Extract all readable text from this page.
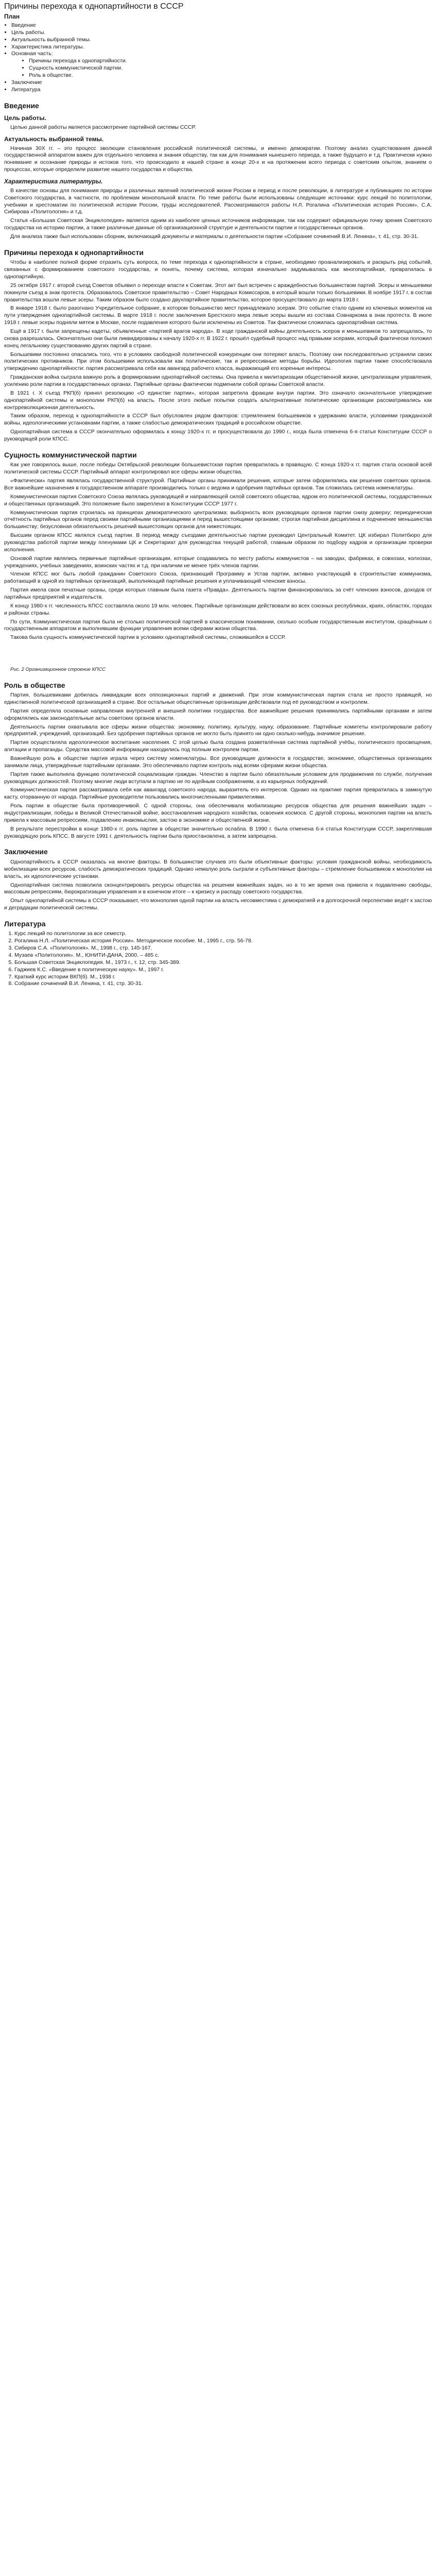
Причины перехода к однопартийности в СССР
План
• Введение
• Цель работы.
• Актуальность выбранной темы.
• Характеристика литературы.
• Основная часть:
• Причины перехода к однопартийности.
• Сущность коммунистической партии.
• Роль в обществе.
• Заключение
• Литература
Введение
Цель работы.

Целью данной работы является рассмотрение партийной системы СССР.

Актуальность выбранной темы.

Начиная 30Х гг. – это процесс эволюции становления российской политической системы, и именно демократии. Поэтому анализ существования данной государственной аппаратом важен для отдельного человека и знания обществу, так как для понимания нынешнего периода, а также будущего и т.д. Практически нужно понимание и осознание природы и истоков того, что происходило в нашей стране в конце 20-х и на протяжении всего периода с советским опытом, знанием о процессах, которые определили развитие нашего государства и общества.

Характеристика литературы.

В качестве основы для понимания природы и различных явлений политической жизни России в период и после революции, в литературе и публикациях по истории Советского государства, в частности, по проблемам монопольной власти. По теме работы были использованы следующие источники: курс лекций по политологии, учебники и хрестоматии по политической истории России, труды исследователей. Рассматриваются работы Н.Л. Рогалина «Политическая история России», С.А. Сибирова «Политология» и т.д.

Статья «Большая Советская Энциклопедия» является одним из наиболее ценных источников информации, так как содержит официальную точку зрения Советского государства на историю партии, а также различные данные об организационной структуре и деятельности партии и государственных органов.

Для анализа также был использован сборник, включающий документы и материалы о деятельности партии «Собрание сочинений В.И. Ленина», т. 41, стр. 30-31.

Причины перехода к однопартийности

Чтобы в наиболее полной форме отразить суть вопроса, по теме перехода к однопартийности в стране, необходимо проанализировать и раскрыть ряд событий, связанных с формированием советского государства, и понять, почему система, которая изначально задумывалась как многопартийная, превратилась в однопартийную.

25 октября 1917 г. второй съезд Советов объявил о переходе власти к Советам. Этот акт был встречен с враждебностью большинством партий. Эсеры и меньшевики покинули съезд в знак протеста. Образовалось Советское правительство – Совет Народных Комиссаров, в который вошли только большевики. В ноябре 1917 г. в состав правительства вошли левые эсеры. Таким образом было создано двухпартийное правительство, которое просуществовало до марта 1918 г.

В январе 1918 г. было разогнано Учредительное собрание, в котором большинство мест принадлежало эсерам. Это событие стало одним из ключевых моментов на пути утверждения однопартийной системы. В марте 1918 г. после заключения Брестского мира левые эсеры вышли из состава Совнаркома в знак протеста. В июле 1918 г. левые эсеры подняли мятеж в Москве, после подавления которого были исключены из Советов. Так фактически сложилась однопартийная система.

Ещё в 1917 г. были запрещены кадеты, объявленные «партией врагов народа». В ходе гражданской войны деятельность эсеров и меньшевиков то запрещалась, то снова разрешалась. Окончательно они были ликвидированы к началу 1920-х гг. В 1922 г. прошёл судебный процесс над правыми эсерами, который фактически положил конец легальному существованию других партий в стране.

Большевики постоянно опасались того, что в условиях свободной политической конкуренции они потеряют власть. Поэтому они последовательно устраняли своих политических противников. При этом большевики использовали как политические, так и репрессивные методы борьбы. Идеология партии также способствовала утверждению однопартийности: партия рассматривала себя как авангард рабочего класса, выражающий его коренные интересы.

Гражданская война сыграла важную роль в формировании однопартийной системы. Она привела к милитаризации общественной жизни, централизации управления, усилению роли партии в государственных органах. Партийные органы фактически подменили собой органы Советской власти.

В 1921 г. X съезд РКП(б) принял резолюцию «О единстве партии», которая запретила фракции внутри партии. Это означало окончательное утверждение однопартийной системы и монополии РКП(б) на власть. После этого любые попытки создать альтернативные политические организации рассматривались как контрреволюционная деятельность.

Таким образом, переход к однопартийности в СССР был обусловлен рядом факторов: стремлением большевиков к удержанию власти, условиями гражданской войны, идеологическими установками партии, а также слабостью демократических традиций в российском обществе.

Однопартийная система в СССР окончательно оформилась к концу 1920-х гг. и просуществовала до 1990 г., когда была отменена 6-я статья Конституции СССР о руководящей роли КПСС.

Сущность коммунистической партии

Как уже говорилось выше, после победы Октябрьской революции большевистская партия превратилась в правящую. С конца 1920-х гг. партия стала основой всей политической системы СССР. Партийный аппарат контролировал все сферы жизни общества.

«Фактически» партия являлась государственной структурой. Партийные органы принимали решения, которые затем оформлялись как решения советских органов. Все важнейшие назначения в государственном аппарате производились только с ведома и одобрения партийных органов. Так сложилась система номенклатуры.

Коммунистическая партия Советского Союза являлась руководящей и направляющей силой советского общества, ядром его политической системы, государственных и общественных организаций. Это положение было закреплено в Конституции СССР 1977 г.

Коммунистическая партия строилась на принципах демократического централизма: выборность всех руководящих органов партии снизу доверху; периодическая отчётность партийных органов перед своими партийными организациями и перед вышестоящими органами; строгая партийная дисциплина и подчинение меньшинства большинству; безусловная обязательность решений вышестоящих органов для нижестоящих.

Высшим органом КПСС являлся съезд партии. В период между съездами деятельностью партии руководил Центральный Комитет. ЦК избирал Политбюро для руководства работой партии между пленумами ЦК и Секретариат для руководства текущей работой, главным образом по подбору кадров и организации проверки исполнения.

Основой партии являлись первичные партийные организации, которые создавались по месту работы коммунистов – на заводах, фабриках, в совхозах, колхозах, учреждениях, учебных заведениях, воинских частях и т.д. при наличии не менее трёх членов партии.

Членом КПСС мог быть любой гражданин Советского Союза, признающий Программу и Устав партии, активно участвующий в строительстве коммунизма, работающий в одной из партийных организаций, выполняющий партийные решения и уплачивающий членские взносы.

Партия имела свои печатные органы, среди которых главным была газета «Правда». Деятельность партии финансировалась за счёт членских взносов, доходов от партийных предприятий и издательств.

К концу 1980-х гг. численность КПСС составляла около 19 млн. человек. Партийные организации действовали во всех союзных республиках, краях, областях, городах и районах страны.

По сути, Коммунистическая партия была не столько политической партией в классическом понимании, сколько особым государственным институтом, сращённым с государственным аппаратом и выполнявшим функции управления всеми сферами жизни общества.

Такова была сущность коммунистической партии в условиях однопартийной системы, сложившейся в СССР.

Рис. 2 Организационное строение КПСС
Роль в обществе

Партия, большевиками добилась ликвидации всех оппозиционных партий и движений. При этом коммунистическая партия стала не просто правящей, но единственной политической организацией в стране. Все остальные общественные организации действовали под её руководством и контролем.

Партия определяла основные направления внутренней и внешней политики государства. Все важнейшие решения принимались партийными органами и затем оформлялись как законодательные акты советских органов власти.

Деятельность партии охватывала все сферы жизни общества: экономику, политику, культуру, науку, образование. Партийные комитеты контролировали работу предприятий, учреждений, организаций. Без одобрения партийных органов не могло быть принято ни одно сколько-нибудь значимое решение.

Партия осуществляла идеологическое воспитание населения. С этой целью была создана разветвлённая система партийной учёбы, политического просвещения, агитации и пропаганды. Средства массовой информации находились под полным контролем партии.

Важнейшую роль в обществе партия играла через систему номенклатуры. Все руководящие должности в государстве, экономике, общественных организациях занимали лица, утверждённые партийными органами. Это обеспечивало партии контроль над всеми сферами жизни общества.

Партия также выполняла функцию политической социализации граждан. Членство в партии было обязательным условием для продвижения по службе, получения руководящих должностей. Поэтому многие люди вступали в партию не по идейным соображениям, а из карьерных побуждений.

Коммунистическая партия рассматривала себя как авангард советского народа, выразитель его интересов. Однако на практике партия превратилась в замкнутую касту, оторванную от народа. Партийные руководители пользовались многочисленными привилегиями.

Роль партии в обществе была противоречивой. С одной стороны, она обеспечивала мобилизацию ресурсов общества для решения важнейших задач – индустриализации, победы в Великой Отечественной войне, восстановления народного хозяйства, освоения космоса. С другой стороны, монополия партии на власть привела к массовым репрессиям, подавлению инакомыслия, застою в экономике и общественной жизни.

В результате перестройки в конце 1980-х гг. роль партии в обществе значительно ослабла. В 1990 г. была отменена 6-я статья Конституции СССР, закреплявшая руководящую роль КПСС. В августе 1991 г. деятельность партии была приостановлена, а затем запрещена.

Заключение

Однопартийность в СССР оказалась на многие факторы. В большинстве случаев это были объективные факторы: условия гражданской войны, необходимость мобилизации всех ресурсов, слабость демократических традиций. Однако немалую роль сыграли и субъективные факторы – стремление большевиков к монополии на власть, их идеологические установки.

Однопартийная система позволила сконцентрировать ресурсы общества на решении важнейших задач, но в то же время она привела к подавлению свободы, массовым репрессиям, бюрократизации управления и в конечном итоге – к кризису и распаду советского государства.

Опыт однопартийной системы в СССР показывает, что монополия одной партии на власть несовместима с демократией и в долгосрочной перспективе ведёт к застою и деградации политической системы.

Литература
1. Курс лекций по политологии за все семестр.
2. Рогалина Н.Л. «Политическая история России». Методическое пособие. М., 1995 г., стр. 56-78.
3. Сибиров С.А. «Политология». М., 1998 г., стр. 145-167.
4. Музаев «Политология». М., ЮНИТИ-ДАНА, 2000. – 485 с.
5. Большая Советская Энциклопедия. М., 1973 г., т. 12, стр. 345-389.
6. Гаджиев К.С. «Введение в политическую науку». М., 1997 г.
7. Краткий курс истории ВКП(б). М., 1938 г.
8. Собрание сочинений В.И. Ленина, т. 41, стр. 30-31.
